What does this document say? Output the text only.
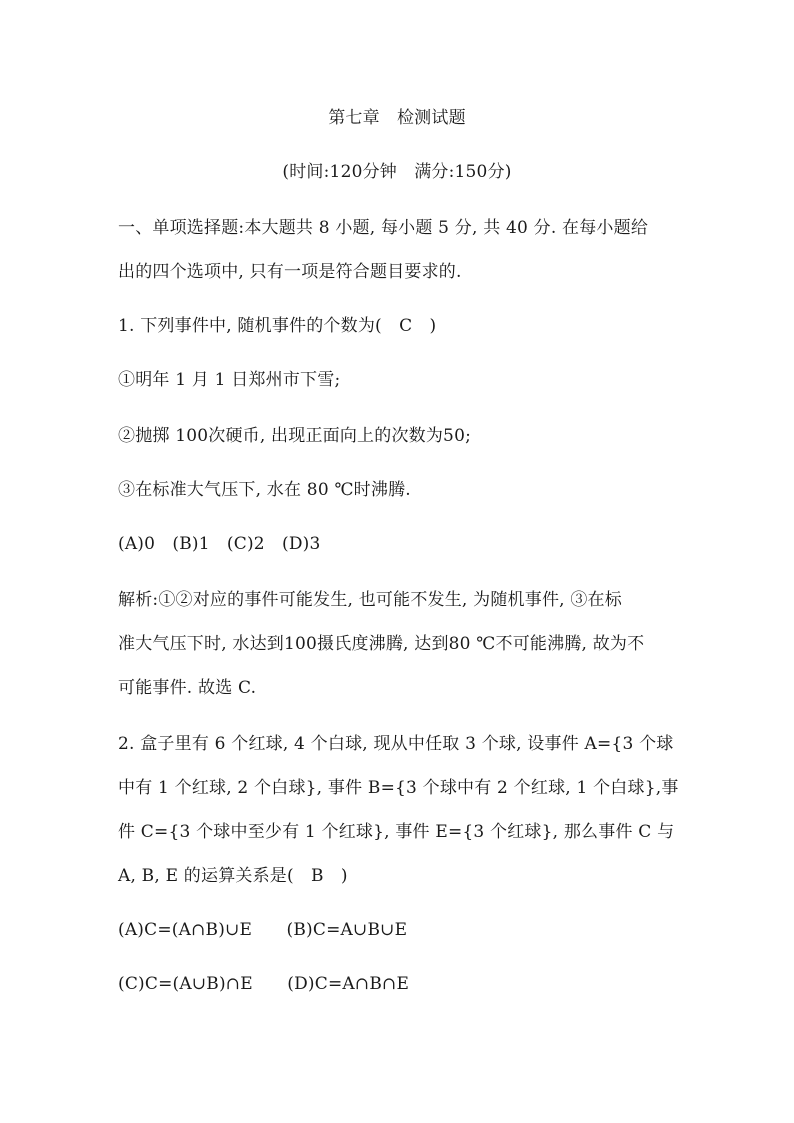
第七章　检测试题
(时间:120分钟　满分:150分)
一、单项选择题:本大题共 8 小题, 每小题 5 分, 共 40 分. 在每小题给
出的四个选项中, 只有一项是符合题目要求的.
1. 下列事件中, 随机事件的个数为(　C　)
①明年 1 月 1 日郑州市下雪;
②抛掷 100次硬币, 出现正面向上的次数为50;
③在标准大气压下, 水在 80 ℃时沸腾.
(A)0　(B)1　(C)2　(D)3
解析:①②对应的事件可能发生, 也可能不发生, 为随机事件, ③在标
准大气压下时, 水达到100摄氏度沸腾, 达到80 ℃不可能沸腾, 故为不
可能事件. 故选 C.
2. 盒子里有 6 个红球, 4 个白球, 现从中任取 3 个球, 设事件 A={3 个球
中有 1 个红球, 2 个白球}, 事件 B={3 个球中有 2 个红球, 1 个白球},事
件 C={3 个球中至少有 1 个红球}, 事件 E={3 个红球}, 那么事件 C 与
A, B, E 的运算关系是(　B　)
(A)C=(A∩B)∪E　　(B)C=A∪B∪E
(C)C=(A∪B)∩E　　(D)C=A∩B∩E
